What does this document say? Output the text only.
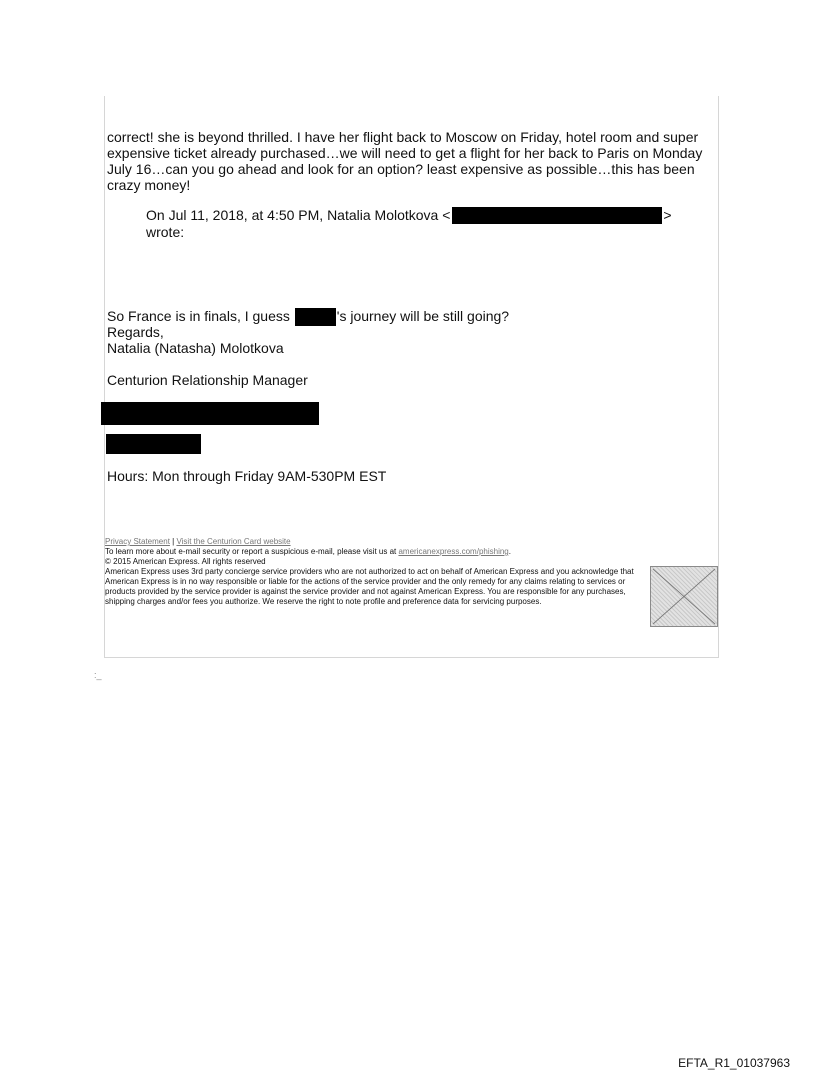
correct! she is beyond thrilled. I have her flight back to Moscow on Friday, hotel room and super expensive ticket already purchased…we will need to get a flight for her back to Paris on Monday July 16…can you go ahead and look for an option? least expensive as possible…this has been crazy money!
On Jul 11, 2018, at 4:50 PM, Natalia Molotkova <	>
wrote:
So France is in finals, I guess	's journey will be still going?
Regards,
Natalia (Natasha) Molotkova
Centurion Relationship Manager
Hours: Mon through Friday 9AM-530PM EST
Privacy Statement | Visit the Centurion Card website
To learn more about e-mail security or report a suspicious e-mail, please visit us at americanexpress.com/phishing.
© 2015 American Express. All rights reserved
American Express uses 3rd party concierge service providers who are not authorized to act on behalf of American Express and you acknowledge that American Express is in no way responsible or liable for the actions of the service provider and the only remedy for any claims relating to services or products provided by the service provider is against the service provider and not against American Express. You are responsible for any purchases, shipping charges and/or fees you authorize. We reserve the right to note profile and preference data for servicing purposes.
:_
EFTA_R1_01037963
